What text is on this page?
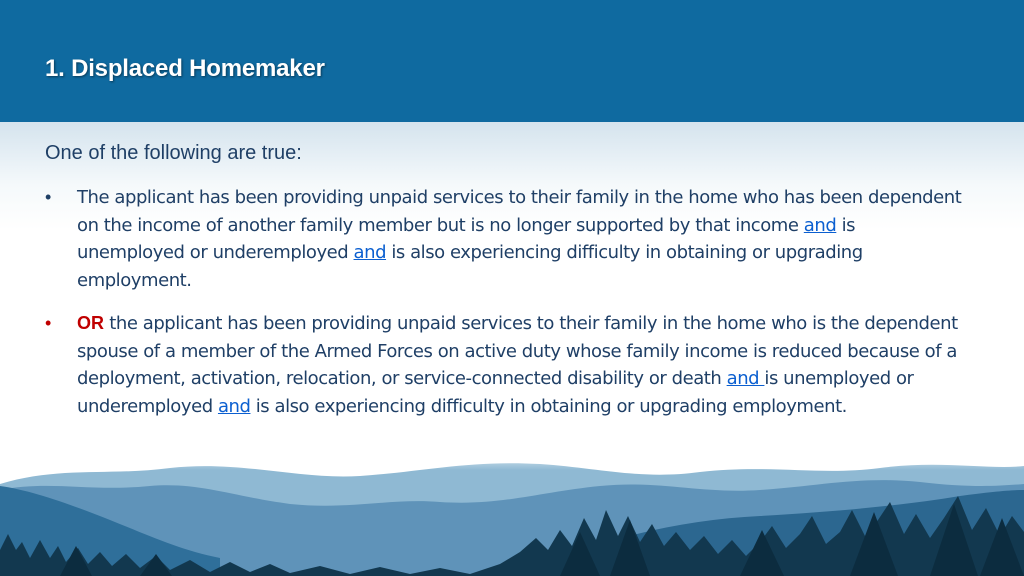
1. Displaced Homemaker

One of the following are true:

• The applicant has been providing unpaid services to their family in the home who has been dependent on the income of another family member but is no longer supported by that income and is unemployed or underemployed and is also experiencing difficulty in obtaining or upgrading employment.
• OR the applicant has been providing unpaid services to their family in the home who is the dependent spouse of a member of the Armed Forces on active duty whose family income is reduced because of a deployment, activation, relocation, or service-connected disability or death and is unemployed or underemployed and is also experiencing difficulty in obtaining or upgrading employment.
